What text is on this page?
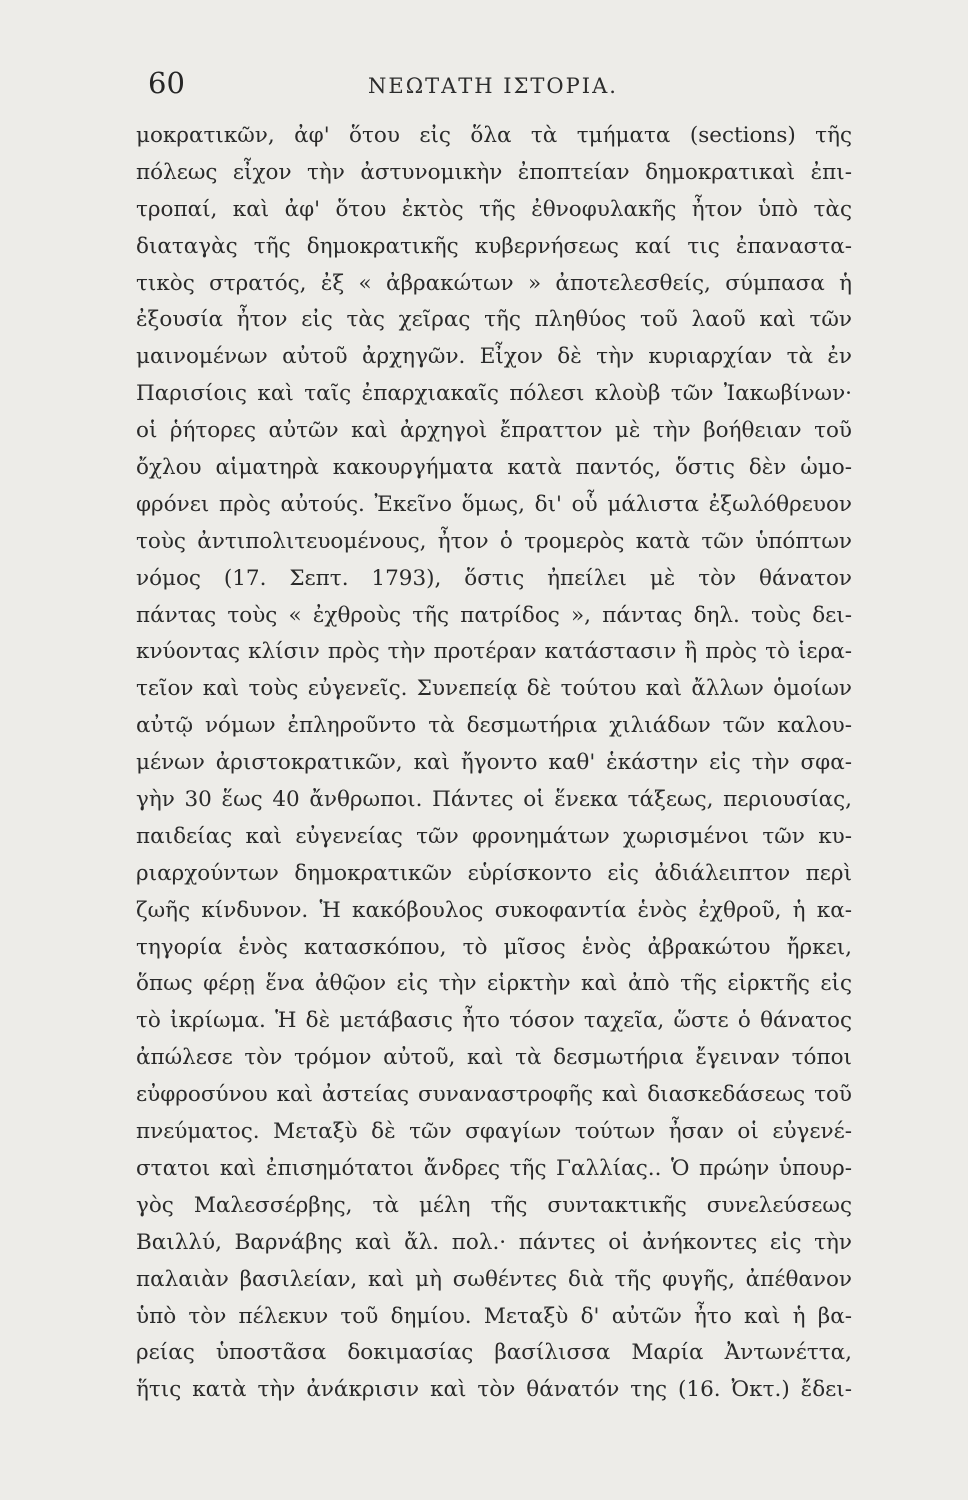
60	ΝΕΩΤΑΤΗ ΙΣΤΟΡΙΑ.
μοκρατικῶν, ἀφ' ὅτου εἰς ὅλα τὰ τμήματα (sections) τῆς
πόλεως εἶχον τὴν ἀστυνομικὴν ἐποπτείαν δημοκρατικαὶ ἐπι-
τροπαί, καὶ ἀφ' ὅτου ἐκτὸς τῆς ἐθνοφυλακῆς ἦτον ὑπὸ τὰς
διαταγὰς τῆς δημοκρατικῆς κυβερνήσεως καί τις ἐπαναστα-
τικὸς στρατός, ἐξ « ἀβρακώτων » ἀποτελεσθείς, σύμπασα ἡ
ἐξουσία ἦτον εἰς τὰς χεῖρας τῆς πληθύος τοῦ λαοῦ καὶ τῶν
μαινομένων αὐτοῦ ἀρχηγῶν. Εἶχον δὲ τὴν κυριαρχίαν τὰ ἐν
Παρισίοις καὶ ταῖς ἐπαρχιακαῖς πόλεσι κλοὺβ τῶν Ἰακωβίνων·
οἱ ῥήτορες αὐτῶν καὶ ἀρχηγοὶ ἔπραττον μὲ τὴν βοήθειαν τοῦ
ὄχλου αἱματηρὰ κακουργήματα κατὰ παντός, ὅστις δὲν ὡμο-
φρόνει πρὸς αὐτούς. Ἐκεῖνο ὅμως, δι' οὗ μάλιστα ἐξωλόθρευον
τοὺς ἀντιπολιτευομένους, ἦτον ὁ τρομερὸς κατὰ τῶν ὑπόπτων
νόμος (17. Σεπτ. 1793), ὅστις ἠπείλει μὲ τὸν θάνατον
πάντας τοὺς « ἐχθροὺς τῆς πατρίδος », πάντας δηλ. τοὺς δει-
κνύοντας κλίσιν πρὸς τὴν προτέραν κατάστασιν ἢ πρὸς τὸ ἱερα-
τεῖον καὶ τοὺς εὐγενεῖς. Συνεπείᾳ δὲ τούτου καὶ ἄλλων ὁμοίων
αὐτῷ νόμων ἐπληροῦντο τὰ δεσμωτήρια χιλιάδων τῶν καλου-
μένων ἀριστοκρατικῶν, καὶ ἤγοντο καθ' ἑκάστην εἰς τὴν σφα-
γὴν 30 ἕως 40 ἄνθρωποι. Πάντες οἱ ἕνεκα τάξεως, περιουσίας,
παιδείας καὶ εὐγενείας τῶν φρονημάτων χωρισμένοι τῶν κυ-
ριαρχούντων δημοκρατικῶν εὑρίσκοντο εἰς ἀδιάλειπτον περὶ
ζωῆς κίνδυνον. Ἡ κακόβουλος συκοφαντία ἑνὸς ἐχθροῦ, ἡ κα-
τηγορία ἑνὸς κατασκόπου, τὸ μῖσος ἑνὸς ἀβρακώτου ἤρκει,
ὅπως φέρῃ ἕνα ἀθῷον εἰς τὴν εἱρκτὴν καὶ ἀπὸ τῆς εἱρκτῆς εἰς
τὸ ἰκρίωμα. Ἡ δὲ μετάβασις ἦτο τόσον ταχεῖα, ὥστε ὁ θάνατος
ἀπώλεσε τὸν τρόμον αὐτοῦ, καὶ τὰ δεσμωτήρια ἔγειναν τόποι
εὐφροσύνου καὶ ἀστείας συναναστροφῆς καὶ διασκεδάσεως τοῦ
πνεύματος. Μεταξὺ δὲ τῶν σφαγίων τούτων ἦσαν οἱ εὐγενέ-
στατοι καὶ ἐπισημότατοι ἄνδρες τῆς Γαλλίας.. Ὁ πρώην ὑπουρ-
γὸς Μαλεσσέρβης, τὰ μέλη τῆς συντακτικῆς συνελεύσεως
Βαιλλύ, Βαρνάβης καὶ ἄλ. πολ.· πάντες οἱ ἀνήκοντες εἰς τὴν
παλαιὰν βασιλείαν, καὶ μὴ σωθέντες διὰ τῆς φυγῆς, ἀπέθανον
ὑπὸ τὸν πέλεκυν τοῦ δημίου. Μεταξὺ δ' αὐτῶν ἦτο καὶ ἡ βα-
ρείας ὑποστᾶσα δοκιμασίας βασίλισσα Μαρία Ἀντωνέττα,
ἥτις κατὰ τὴν ἀνάκρισιν καὶ τὸν θάνατόν της (16. Ὀκτ.) ἔδει-
